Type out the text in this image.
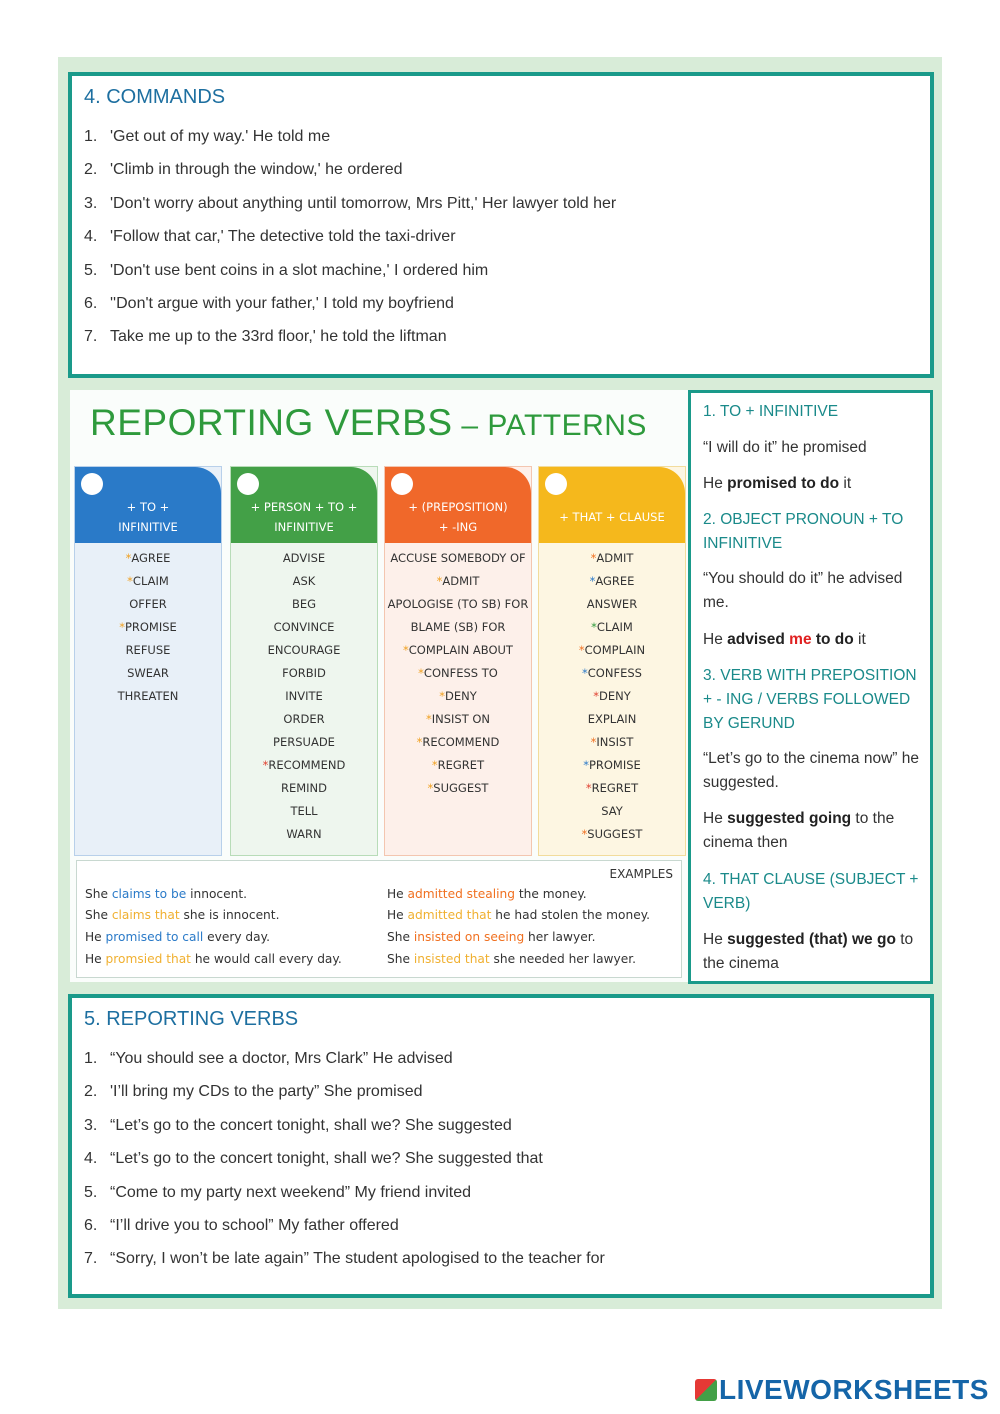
4. COMMANDS
1. 'Get out of my way.' He told me
2. 'Climb in through the window,' he ordered
3. 'Don't worry about anything until tomorrow, Mrs Pitt,' Her lawyer told her
4. 'Follow that car,' The detective told the taxi-driver
5. 'Don't use bent coins in a slot machine,' I ordered him
6. ''Don't argue with your father,' I told my boyfriend
7. Take me up to the 33rd floor,' he told the liftman
REPORTING VERBS – PATTERNS
+ TO +
INFINITIVE
*AGREE
*CLAIM
OFFER
*PROMISE
REFUSE
SWEAR
THREATEN
+ PERSON + TO +
INFINITIVE
ADVISE
ASK
BEG
CONVINCE
ENCOURAGE
FORBID
INVITE
ORDER
PERSUADE
*RECOMMEND
REMIND
TELL
WARN
+ (PREPOSITION)
+ -ING
ACCUSE SOMEBODY OF
*ADMIT
APOLOGISE (TO SB) FOR
BLAME (SB) FOR
*COMPLAIN ABOUT
*CONFESS TO
*DENY
*INSIST ON
*RECOMMEND
*REGRET
*SUGGEST
+ THAT + CLAUSE
*ADMIT
*AGREE
ANSWER
*CLAIM
*COMPLAIN
*CONFESS
*DENY
EXPLAIN
*INSIST
*PROMISE
*REGRET
SAY
*SUGGEST
EXAMPLES
She claims to be innocent.
She claims that she is innocent.
He promised to call every day.
He promsied that he would call every day.
He admitted stealing the money.
He admitted that he had stolen the money.
She insisted on seeing her lawyer.
She insisted that she needed her lawyer.

1. TO + INFINITIVE

“I will do it” he promised

He promised to do it

2. OBJECT PRONOUN + TO INFINITIVE

“You should do it” he advised me.

He advised me to do it

3. VERB WITH PREPOSITION + - ING / VERBS FOLLOWED BY GERUND

“Let’s go to the cinema now” he suggested.

He suggested going to the cinema then

4. THAT CLAUSE (SUBJECT + VERB)

He suggested (that) we go to the cinema

5. REPORTING VERBS
1. “You should see a doctor, Mrs Clark” He advised
2. 'I’ll bring my CDs to the party” She promised
3. “Let’s go to the concert tonight, shall we? She suggested
4. “Let’s go to the concert tonight, shall we? She suggested that
5. “Come to my party next weekend” My friend invited
6. “I’ll drive you to school” My father offered
7. “Sorry, I won’t be late again” The student apologised to the teacher for
LIVEWORKSHEETS
